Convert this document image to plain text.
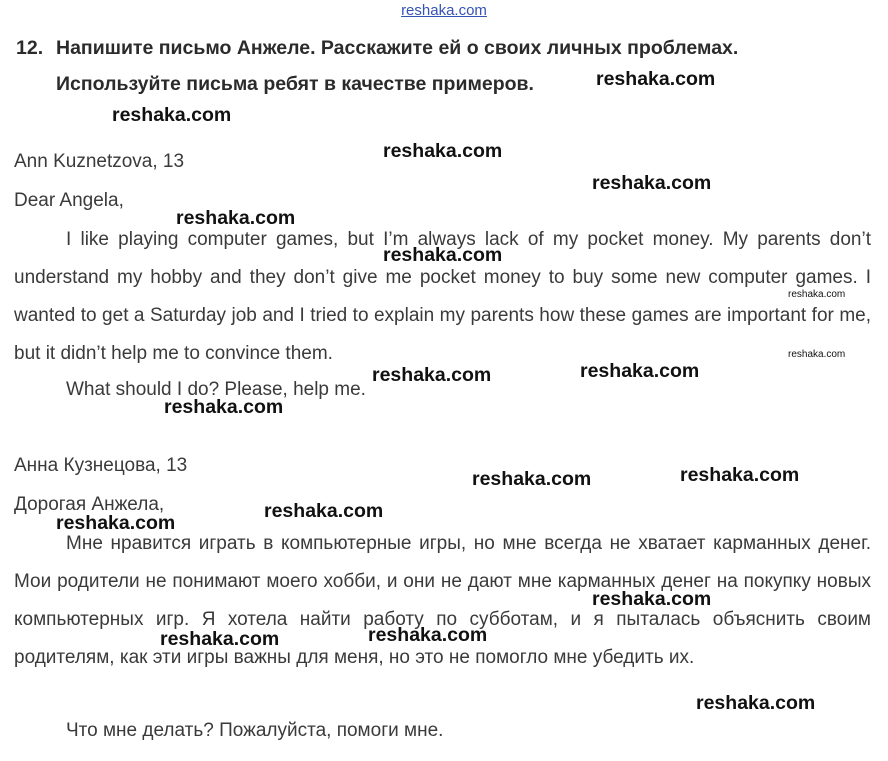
reshaka.com
12. Напишите письмо Анжеле. Расскажите ей о своих личных проблемах.
Используйте письма ребят в качестве примеров.
Ann Kuznetzova, 13
Dear Angela,

I like playing computer games, but I’m always lack of my pocket money. My parents don’t understand my hobby and they don’t give me pocket money to buy some new computer games. I wanted to get a Saturday job and I tried to explain my parents how these games are important for me, but it didn’t help me to convince them.

What should I do? Please, help me.
Анна Кузнецова, 13
Дорогая Анжела,

Мне нравится играть в компьютерные игры, но мне всегда не хватает карманных денег. Мои родители не понимают моего хобби, и они не дают мне карманных денег на покупку новых компьютерных игр. Я хотела найти работу по субботам, и я пыталась объяснить своим родителям, как эти игры важны для меня, но это не помогло мне убедить их.

Что мне делать? Пожалуйста, помоги мне.
reshaka.com
reshaka.com
reshaka.com
reshaka.com
reshaka.com
reshaka.com
reshaka.com
reshaka.com
reshaka.com
reshaka.com
reshaka.com
reshaka.com
reshaka.com
reshaka.com
reshaka.com
reshaka.com
reshaka.com
reshaka.com
reshaka.com
